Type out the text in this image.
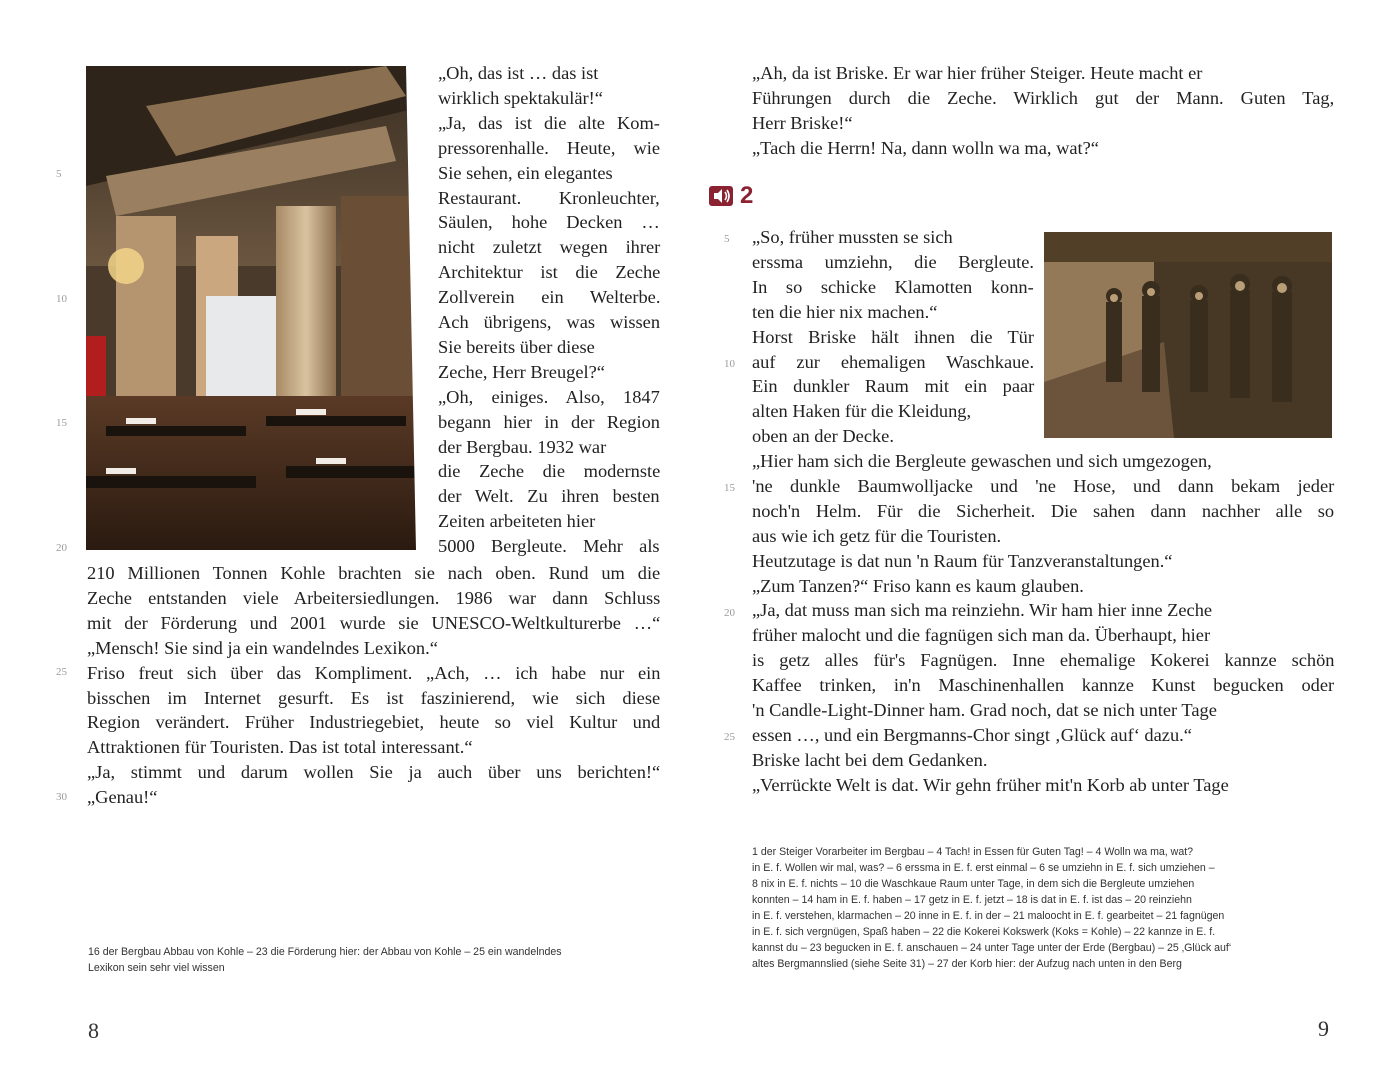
„Oh, das ist … das ist
wirklich spektakulär!“
„Ja, das ist die alte Kom-
pressorenhalle. Heute, wie
Sie sehen, ein elegantes
Restaurant. Kronleuchter,
Säulen, hohe Decken …
nicht zuletzt wegen ihrer
Architektur ist die Zeche
Zollverein ein Welterbe.
Ach übrigens, was wissen
Sie bereits über diese
Zeche, Herr Breugel?“
„Oh, einiges. Also, 1847
begann hier in der Region
der Bergbau. 1932 war
die Zeche die modernste
der Welt. Zu ihren besten
Zeiten arbeiteten hier
5000 Bergleute. Mehr als
210 Millionen Tonnen Kohle brachten sie nach oben. Rund um die
Zeche entstanden viele Arbeitersiedlungen. 1986 war dann Schluss
mit der Förderung und 2001 wurde sie UNESCO-Weltkulturerbe …“
„Mensch! Sie sind ja ein wandelndes Lexikon.“
Friso freut sich über das Kompliment. „Ach, … ich habe nur ein
bisschen im Internet gesurft. Es ist faszinierend, wie sich diese
Region verändert. Früher Industriegebiet, heute so viel Kultur und
Attraktionen für Touristen. Das ist total interessant.“
„Ja, stimmt und darum wollen Sie ja auch über uns berichten!“
„Genau!“
5
10
15
20
25
30
16 der Bergbau Abbau von Kohle – 23 die Förderung hier: der Abbau von Kohle – 25 ein wandelndes
Lexikon sein sehr viel wissen
8
„Ah, da ist Briske. Er war hier früher Steiger. Heute macht er
Führungen durch die Zeche. Wirklich gut der Mann. Guten Tag,
Herr Briske!“
„Tach die Herrn! Na, dann wolln wa ma, wat?“
2
„So, früher mussten se sich
erssma umziehn, die Bergleute.
In so schicke Klamotten konn-
ten die hier nix machen.“
Horst Briske hält ihnen die Tür
auf zur ehemaligen Waschkaue.
Ein dunkler Raum mit ein paar
alten Haken für die Kleidung,
oben an der Decke.
„Hier ham sich die Bergleute gewaschen und sich umgezogen,
'ne dunkle Baumwolljacke und 'ne Hose, und dann bekam jeder
noch'n Helm. Für die Sicherheit. Die sahen dann nachher alle so
aus wie ich getz für die Touristen.
Heutzutage is dat nun 'n Raum für Tanzveranstaltungen.“
„Zum Tanzen?“ Friso kann es kaum glauben.
„Ja, dat muss man sich ma reinziehn. Wir ham hier inne Zeche
früher malocht und die fagnügen sich man da. Überhaupt, hier
is getz alles für's Fagnügen. Inne ehemalige Kokerei kannze schön
Kaffee trinken, in'n Maschinenhallen kannze Kunst begucken oder
'n Candle-Light-Dinner ham. Grad noch, dat se nich unter Tage
essen …, und ein Bergmanns-Chor singt ‚Glück auf‘ dazu.“
Briske lacht bei dem Gedanken.
„Verrückte Welt is dat. Wir gehn früher mit'n Korb ab unter Tage
5
10
15
20
25
1 der Steiger Vorarbeiter im Bergbau – 4 Tach! in Essen für Guten Tag! – 4 Wolln wa ma, wat?
in E. f. Wollen wir mal, was? – 6 erssma in E. f. erst einmal – 6 se umziehn in E. f. sich umziehen –
8 nix in E. f. nichts – 10 die Waschkaue Raum unter Tage, in dem sich die Bergleute umziehen
konnten – 14 ham in E. f. haben – 17 getz in E. f. jetzt – 18 is dat in E. f. ist das – 20 reinziehn
in E. f. verstehen, klarmachen – 20 inne in E. f. in der – 21 maloocht in E. f. gearbeitet – 21 fagnügen
in E. f. sich vergnügen, Spaß haben – 22 die Kokerei Kokswerk (Koks = Kohle) – 22 kannze in E. f.
kannst du – 23 begucken in E. f. anschauen – 24 unter Tage unter der Erde (Bergbau) – 25 ‚Glück auf‘
altes Bergmannslied (siehe Seite 31) – 27 der Korb hier: der Aufzug nach unten in den Berg
9
